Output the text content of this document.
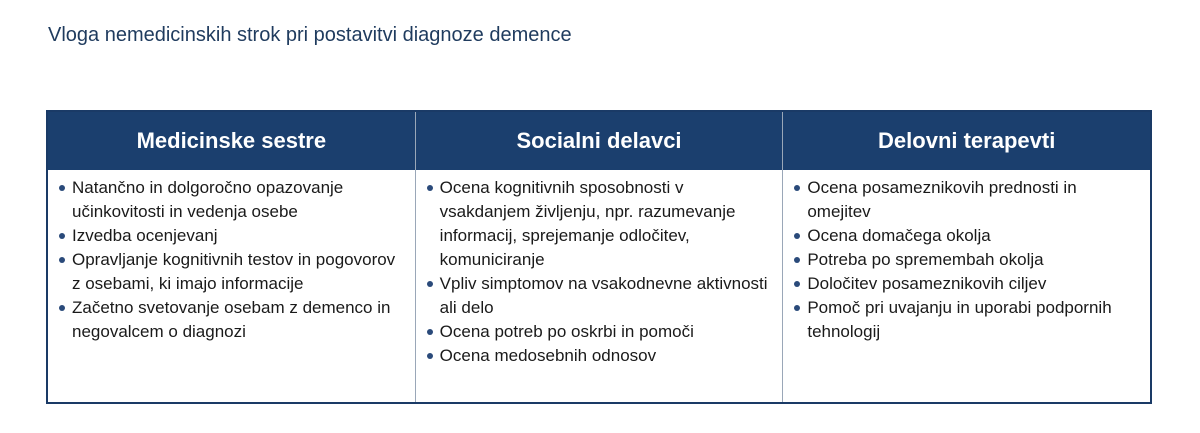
Vloga nemedicinskih strok pri postavitvi diagnoze demence
Medicinske sestre
Natančno in dolgoročno opazovanje učinkovitosti in vedenja osebe
Izvedba ocenjevanj
Opravljanje kognitivnih testov in pogovorov z osebami, ki imajo informacije
Začetno svetovanje osebam z demenco in negovalcem o diagnozi
Socialni delavci
Ocena kognitivnih sposobnosti v vsakdanjem življenju, npr. razumevanje informacij, sprejemanje odločitev, komuniciranje
Vpliv simptomov na vsakodnevne aktivnosti ali delo
Ocena potreb po oskrbi in pomoči
Ocena medosebnih odnosov
Delovni terapevti
Ocena posameznikovih prednosti in omejitev
Ocena domačega okolja
Potreba po spremembah okolja
Določitev posameznikovih ciljev
Pomoč pri uvajanju in uporabi podpornih tehnologij
